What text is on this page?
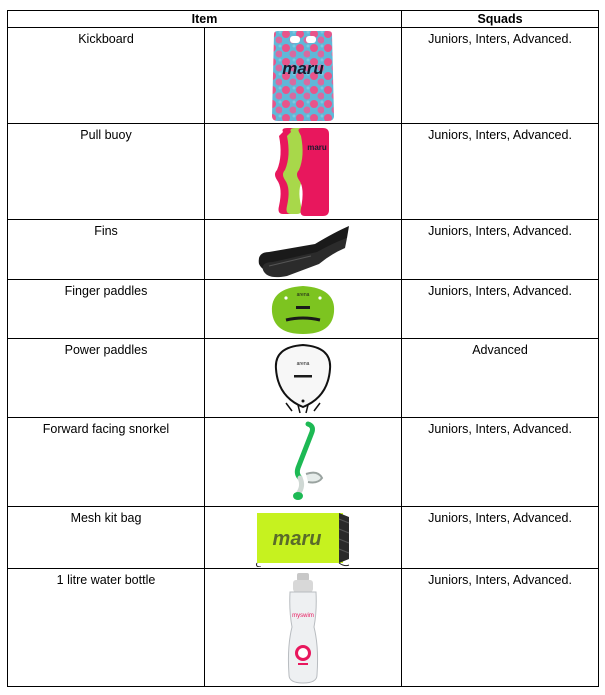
Item		Squads

Kickboard	maru	Juniors, Inters, Advanced.

Pull buoy	maru	Juniors, Inters, Advanced.

Fins		Juniors, Inters, Advanced.

Finger paddles	arena	Juniors, Inters, Advanced.

Power paddles	arena	Advanced

Forward facing snorkel		Juniors, Inters, Advanced.

Mesh kit bag	maru	Juniors, Inters, Advanced.

1 litre water bottle	myswim	Juniors, Inters, Advanced.
